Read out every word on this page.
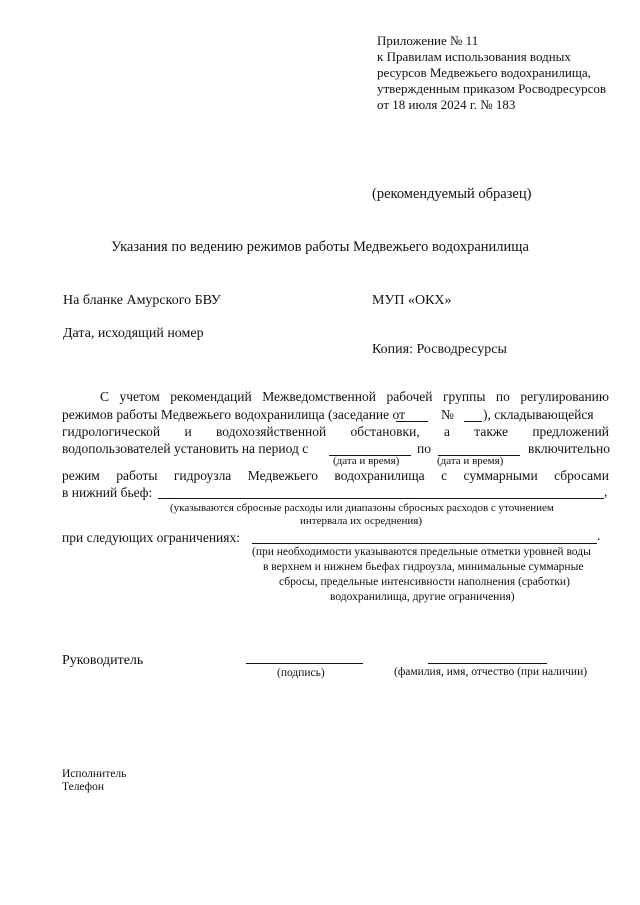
Приложение № 11
к Правилам использования водных
ресурсов Медвежьего водохранилища,
утвержденным приказом Росводресурсов
от 18 июля 2024 г. № 183
(рекомендуемый образец)
Указания по ведению режимов работы Медвежьего водохранилища
На бланке Амурского БВУ	МУП «ОКХ»
Дата, исходящий номер
Копия: Росводресурсы
С учетом рекомендаций Межведомственной рабочей группы по регулированию
режимов работы Медвежьего водохранилища (заседание от	№ ), складывающейся
гидрологической и водохозяйственной обстановки, а также предложений
водопользователей установить на период с	по	включительно
(дата и время)	(дата и время)
режим работы гидроузла Медвежьего водохранилища с суммарными сбросами
в нижний бьеф:	,
(указываются сбросные расходы или диапазоны сбросных расходов с уточнением
интервала их осреднения)
при следующих ограничениях:	.
(при необходимости указываются предельные отметки уровней воды
в верхнем и нижнем бьефах гидроузла, минимальные суммарные
сбросы, предельные интенсивности наполнения (сработки)
водохранилища, другие ограничения)
Руководитель
(подпись)	(фамилия, имя, отчество (при наличии)
Исполнитель
Телефон
